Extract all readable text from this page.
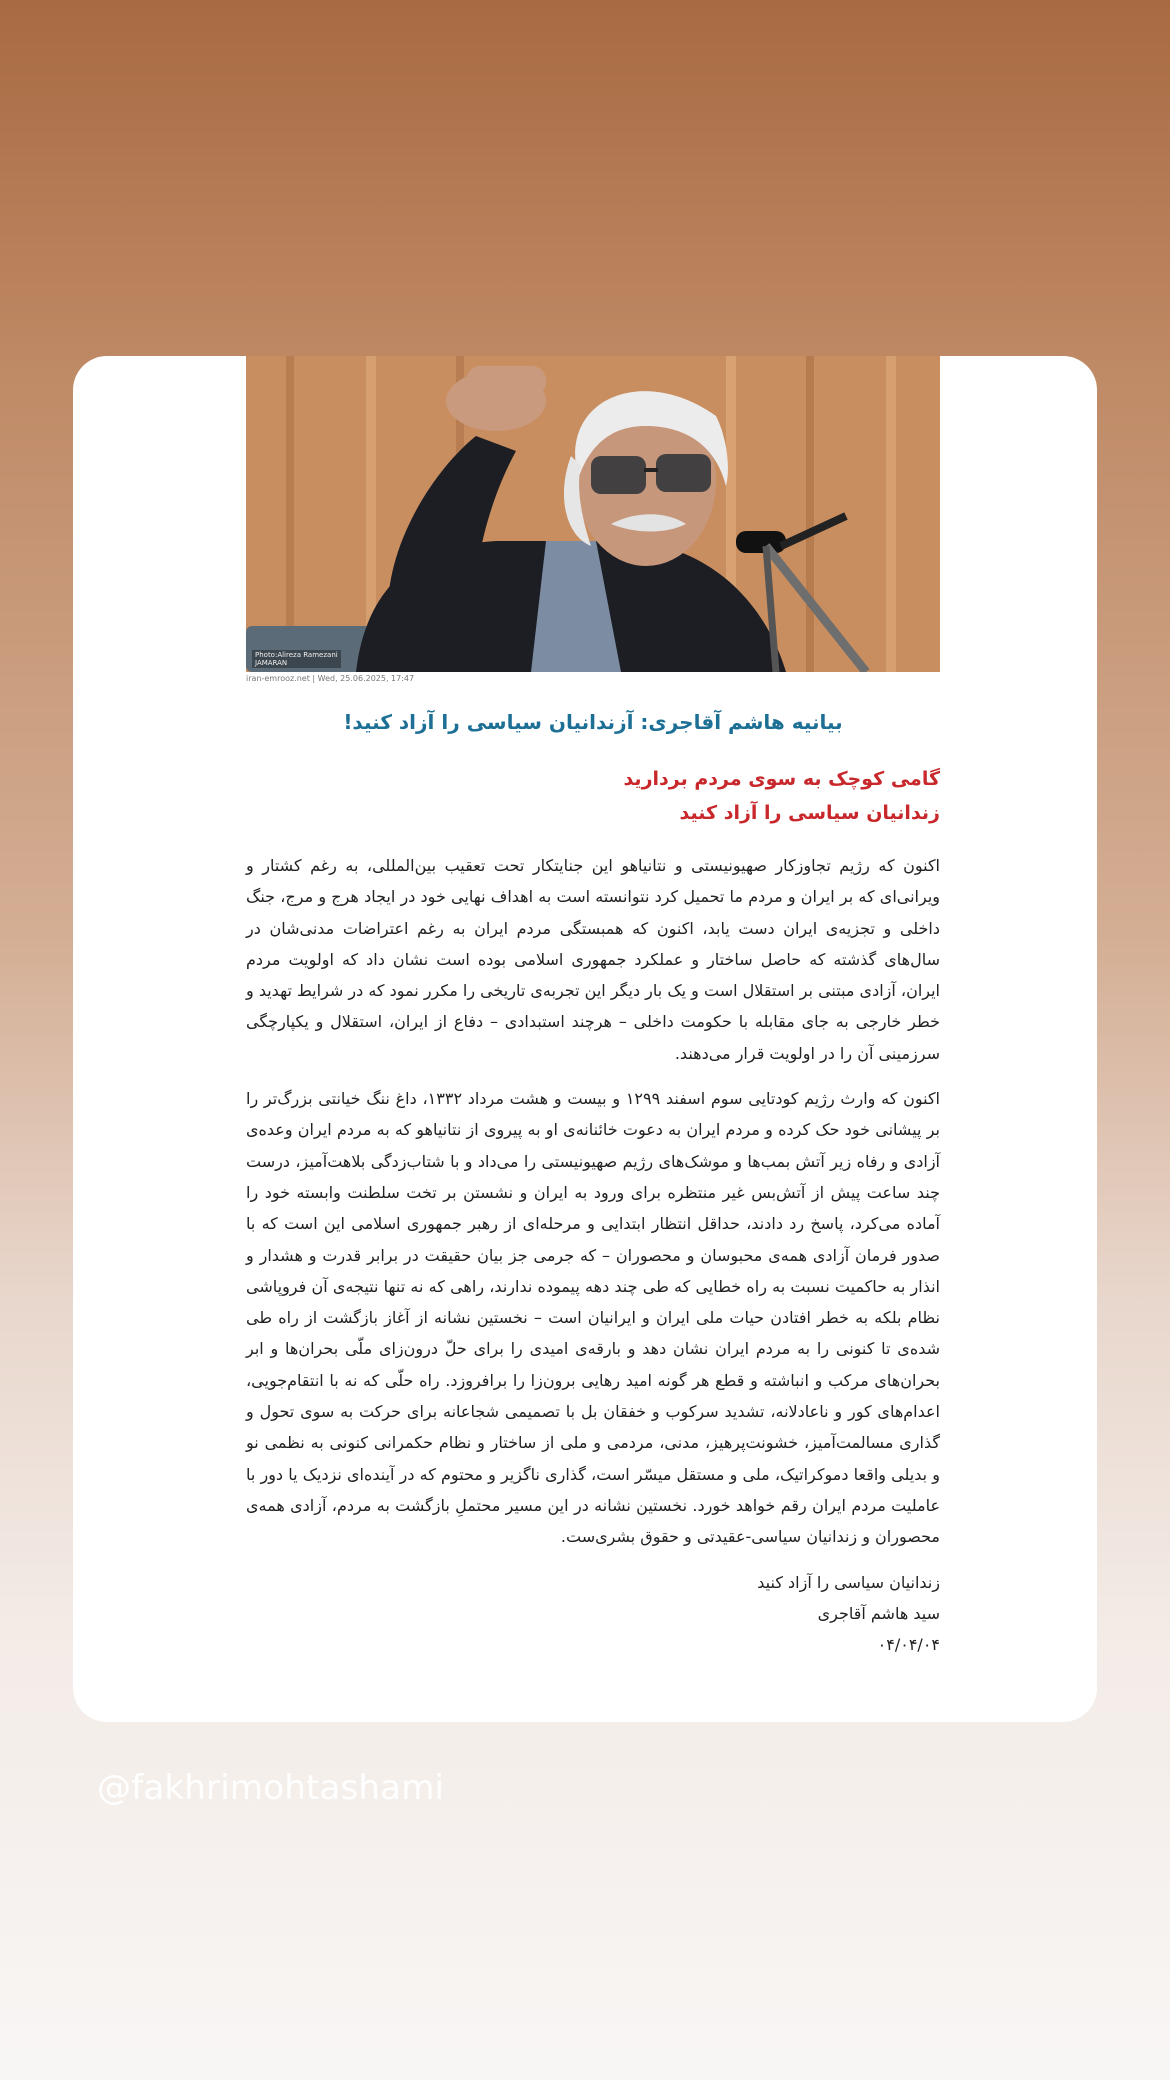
Photo:Alireza Ramezani
JAMARAN
iran-emrooz.net | Wed, 25.06.2025, 17:47

بیانیه هاشم آقاجری: آزندانیان سیاسی را آزاد کنید!

گامی کوچک به سوی مردم بردارید

زندانیان سیاسی را آزاد کنید

اکنون که رژیم تجاوزکار صهیونیستی و نتانیاهو این جنایتکار تحت تعقیب بین‌المللی، به رغم کشتار و ویرانی‌ای که بر ایران و مردم ما تحمیل کرد نتوانسته است به اهداف نهایی خود در ایجاد هرج و مرج، جنگ داخلی و تجزیه‌ی ایران دست یابد، اکنون که همبستگی مردم ایران به رغم اعتراضات مدنی‌شان در سال‌های گذشته که حاصل ساختار و عملکرد جمهوری اسلامی بوده است نشان داد که اولویت مردم ایران، آزادی مبتنی بر استقلال است و یک بار دیگر این تجربه‌ی تاریخی را مکرر نمود که در شرایط تهدید و خطر خارجی به جای مقابله با حکومت داخلی – هرچند استبدادی – دفاع از ایران، استقلال و یکپارچگی سرزمینی آن را در اولویت قرار می‌دهند.

اکنون که وارث رژیم کودتایی سوم اسفند ۱۲۹۹ و بیست و هشت مرداد ۱۳۳۲، داغ ننگ خیانتی بزرگ‌تر را بر پیشانی خود حک کرده و مردم ایران به دعوت خائنانه‌ی او به پیروی از نتانیاهو که به مردم ایران وعده‌ی آزادی و رفاه زیر آتش بمب‌ها و موشک‌های رژیم صهیونیستی را می‌داد و با شتاب‌زدگی بلاهت‌آمیز، درست چند ساعت پیش از آتش‌بس غیر منتظره برای ورود به ایران و نشستن بر تخت سلطنت وابسته خود را آماده می‌کرد، پاسخ رد دادند، حداقل انتظار ابتدایی و مرحله‌ای از رهبر جمهوری اسلامی این است که با صدور فرمان آزادی همه‌ی محبوسان و محصوران – که جرمی جز بیان حقیقت در برابر قدرت و هشدار و انذار به حاکمیت نسبت به راه خطایی که طی چند دهه پیموده ندارند، راهی که نه تنها نتیجه‌ی آن فروپاشی نظام بلکه به خطر افتادن حیات ملی ایران و ایرانیان است – نخستین نشانه از آغاز بازگشت از راه طی شده‌ی تا کنونی را به مردم ایران نشان دهد و بارقه‌ی امیدی را برای حلّ درون‌زای ملّی بحران‌ها و ابر بحران‌های مرکب و انباشته و قطع هر گونه امید رهایی برون‌زا را برافروزد. راه حلّی که نه با انتقام‌جویی، اعدام‌های کور و ناعادلانه، تشدید سرکوب و خفقان بل با تصمیمی شجاعانه برای حرکت به سوی تحول و گذاری مسالمت‌آمیز، خشونت‌پرهیز، مدنی، مردمی و ملی از ساختار و نظام حکمرانی کنونی به نظمی نو و بدیلی واقعا دموکراتیک، ملی و مستقل میسّر است، گذاری ناگزیر و محتوم که در آینده‌ای نزدیک یا دور با عاملیت مردم ایران رقم خواهد خورد. نخستین نشانه در این مسیر محتملِ بازگشت به مردم، آزادی همه‌ی محصوران و زندانیان سیاسی-عقیدتی و حقوق بشری‌ست.

زندانیان سیاسی را آزاد کنید

سید هاشم آقاجری

۰۴/۰۴/۰۴

@fakhrimohtashami
